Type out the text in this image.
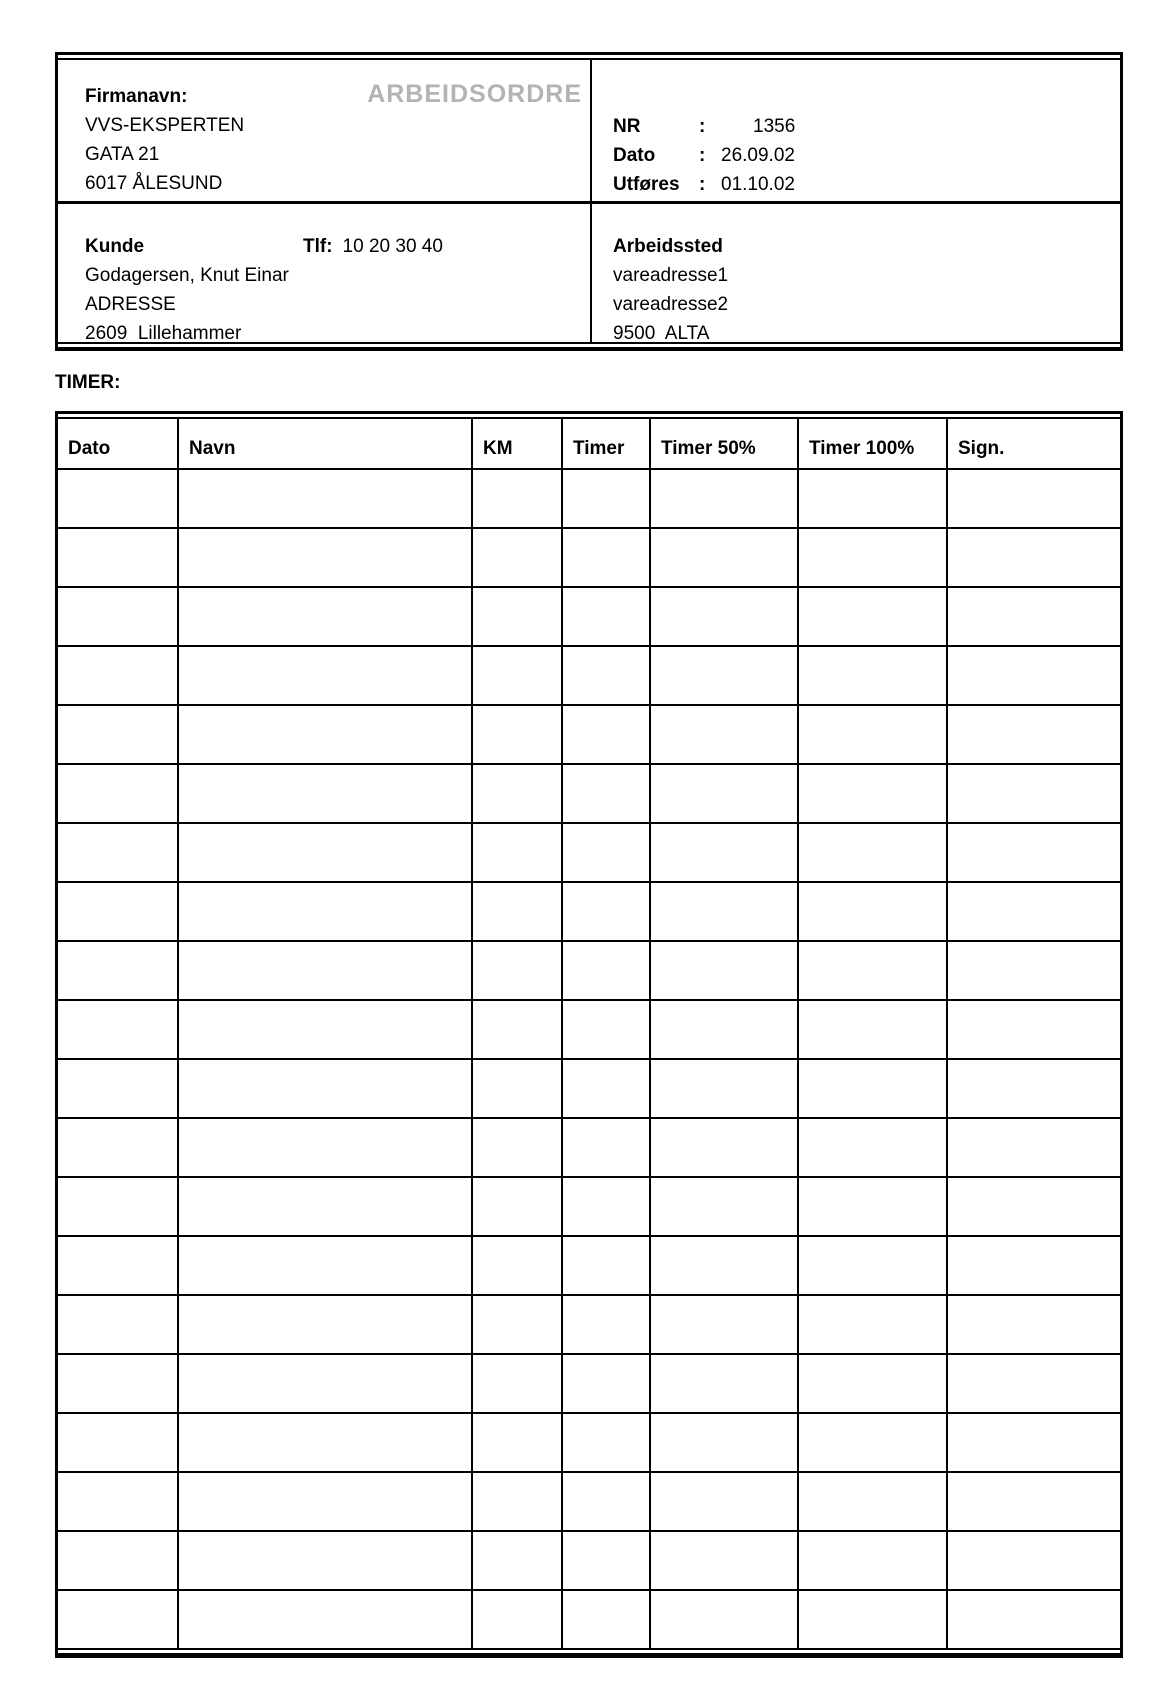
ARBEIDSORDRE
Firmanavn:
VVS-EKSPERTEN
GATA 21
6017 ÅLESUND
NR	:	1356
Dato	: 26.09.02
Utføres	: 01.10.02
Kunde	Tlf: 10 20 30 40
Godagersen, Knut Einar
ADRESSE
2609  Lillehammer
Arbeidssted
vareadresse1
vareadresse2
9500  ALTA
TIMER:
Dato	Navn	KM	Timer	Timer 50%	Timer 100%	Sign.
